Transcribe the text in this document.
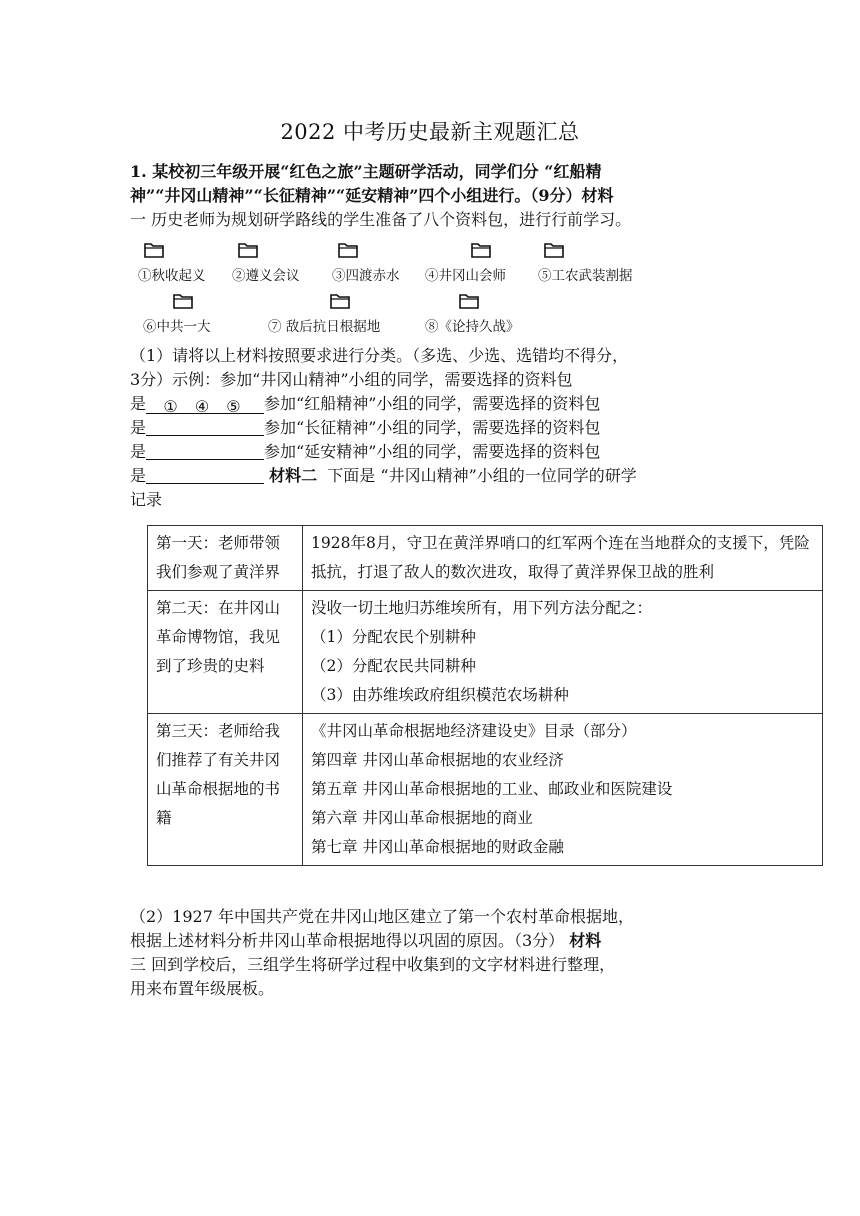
2022 中考历史最新主观题汇总
1. 某校初三年级开展“红色之旅”主题研学活动，同学们分 “红船精
神”“井冈山精神”“长征精神”“延安精神”四个小组进行。（9分）材料
一 历史老师为规划研学路线的学生准备了八个资料包，进行行前学习。
①秋收起义 ②遵义会议 ③四渡赤水 ④井冈山会师 ⑤工农武装割据
⑥中共一大	⑦ 敌后抗日根据地	⑧《论持久战》
（1）请将以上材料按照要求进行分类。（多选、少选、选错均不得分，
3分）示例：参加“井冈山精神”小组的同学，需要选择的资料包
是 ① ④ ⑤ 参加“红船精神”小组的同学，需要选择的资料包
是	参加“长征精神”小组的同学，需要选择的资料包
是	参加“延安精神”小组的同学，需要选择的资料包
是	材料二 下面是 “井冈山精神”小组的一位同学的研学
记录
第一天：老师带领我们参观了黄洋界	1928年8月，守卫在黄洋界哨口的红军两个连在当地群众的支援下，凭险抵抗，打退了敌人的数次进攻，取得了黄洋界保卫战的胜利

第二天：在井冈山革命博物馆，我见到了珍贵的史料	没收一切土地归苏维埃所有，用下列方法分配之：
（1）分配农民个别耕种
（2）分配农民共同耕种
（3）由苏维埃政府组织模范农场耕种

第三天：老师给我们推荐了有关井冈山革命根据地的书籍	《井冈山革命根据地经济建设史》目录（部分）
第四章 井冈山革命根据地的农业经济
第五章 井冈山革命根据地的工业、邮政业和医院建设
第六章 井冈山革命根据地的商业
第七章 井冈山革命根据地的财政金融
（2）1927 年中国共产党在井冈山地区建立了第一个农村革命根据地，
根据上述材料分析井冈山革命根据地得以巩固的原因。（3分） 材料
三 回到学校后，三组学生将研学过程中收集到的文字材料进行整理，
用来布置年级展板。
